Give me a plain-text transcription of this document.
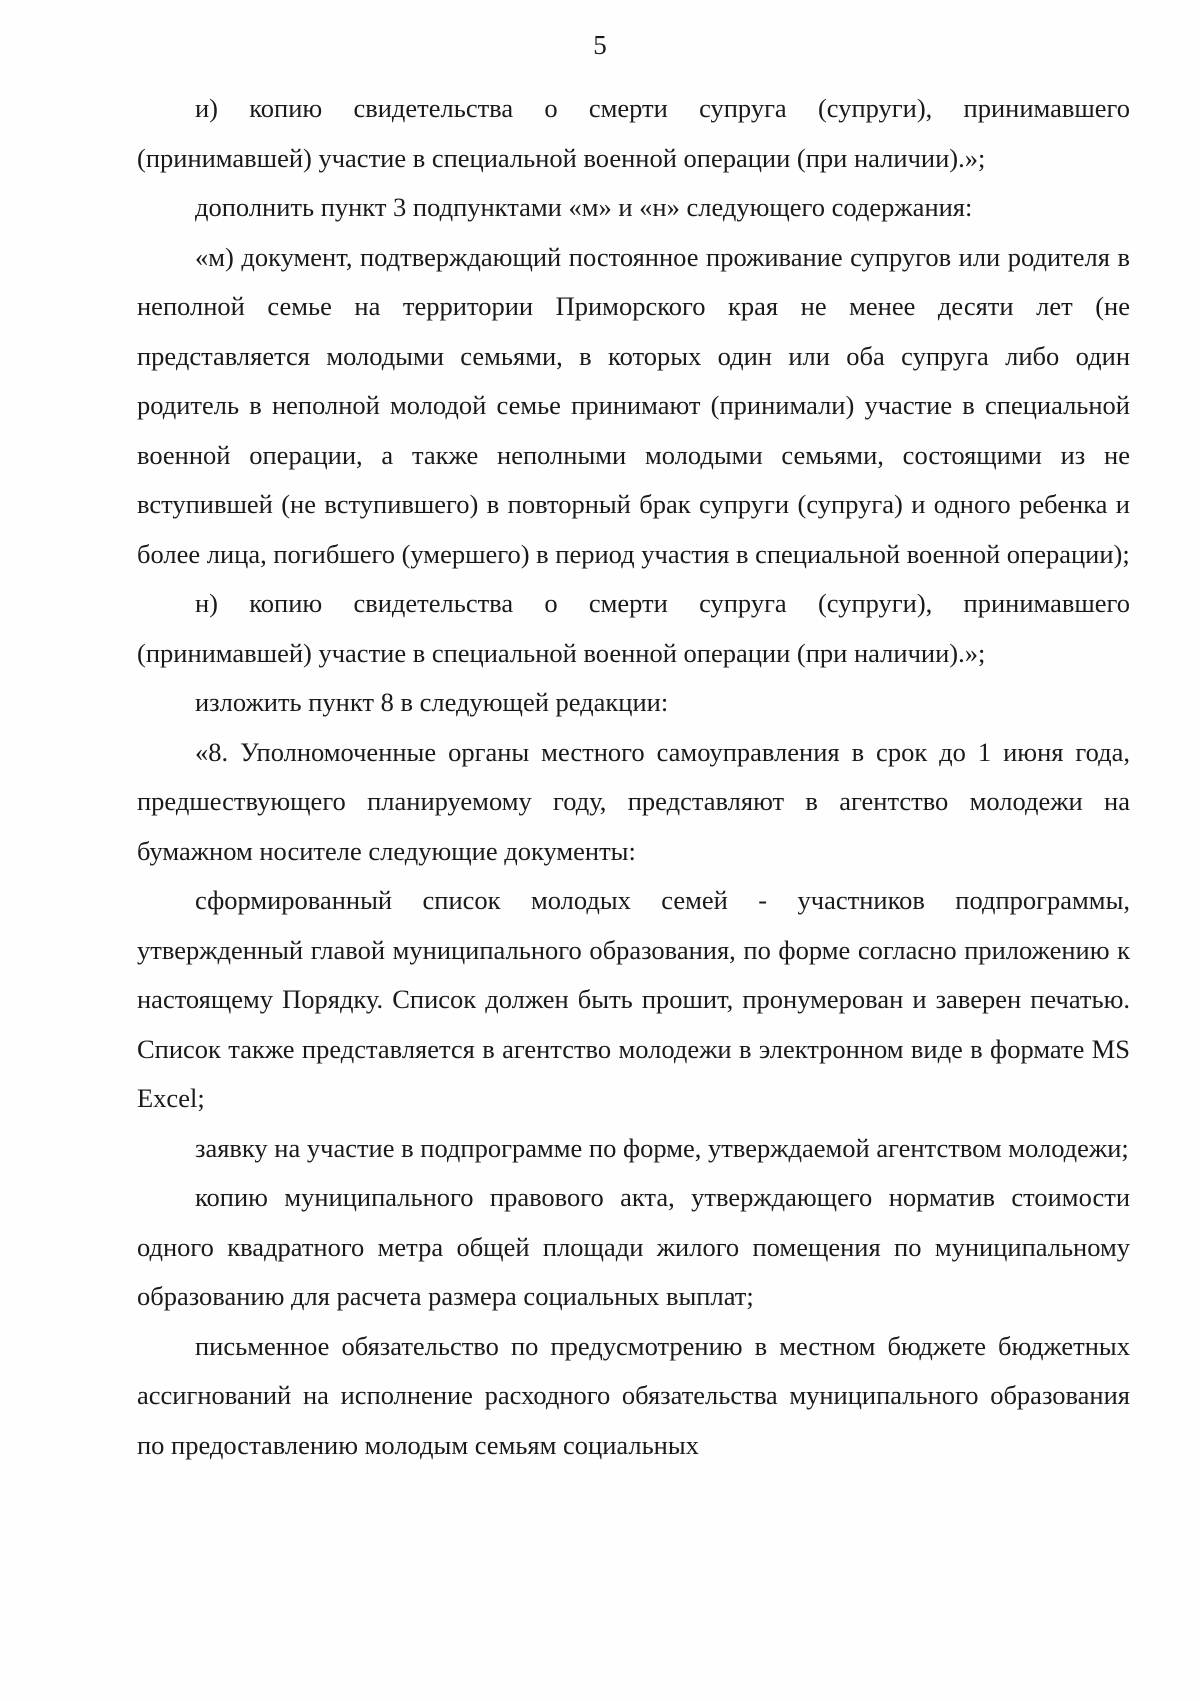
5

и) копию свидетельства о смерти супруга (супруги), принимавшего (принимавшей) участие в специальной военной операции (при наличии).»;

дополнить пункт 3 подпунктами «м» и «н» следующего содержания:

«м) документ, подтверждающий постоянное проживание супругов или родителя в неполной семье на территории Приморского края не менее десяти лет (не представляется молодыми семьями, в которых один или оба супруга либо один родитель в неполной молодой семье принимают (принимали) участие в специальной военной операции, а также неполными молодыми семьями, состоящими из не вступившей (не вступившего) в повторный брак супруги (супруга) и одного ребенка и более лица, погибшего (умершего) в период участия в специальной военной операции);

н) копию свидетельства о смерти супруга (супруги), принимавшего (принимавшей) участие в специальной военной операции (при наличии).»;

изложить пункт 8 в следующей редакции:

«8. Уполномоченные органы местного самоуправления в срок до 1 июня года, предшествующего планируемому году, представляют в агентство молодежи на бумажном носителе следующие документы:

сформированный список молодых семей - участников подпрограммы, утвержденный главой муниципального образования, по форме согласно приложению к настоящему Порядку. Список должен быть прошит, пронумерован и заверен печатью. Список также представляется в агентство молодежи в электронном виде в формате MS Excel;

заявку на участие в подпрограмме по форме, утверждаемой агентством молодежи;

копию муниципального правового акта, утверждающего норматив стоимости одного квадратного метра общей площади жилого помещения по муниципальному образованию для расчета размера социальных выплат;

письменное обязательство по предусмотрению в местном бюджете бюджетных ассигнований на исполнение расходного обязательства муниципального образования по предоставлению молодым семьям социальных
